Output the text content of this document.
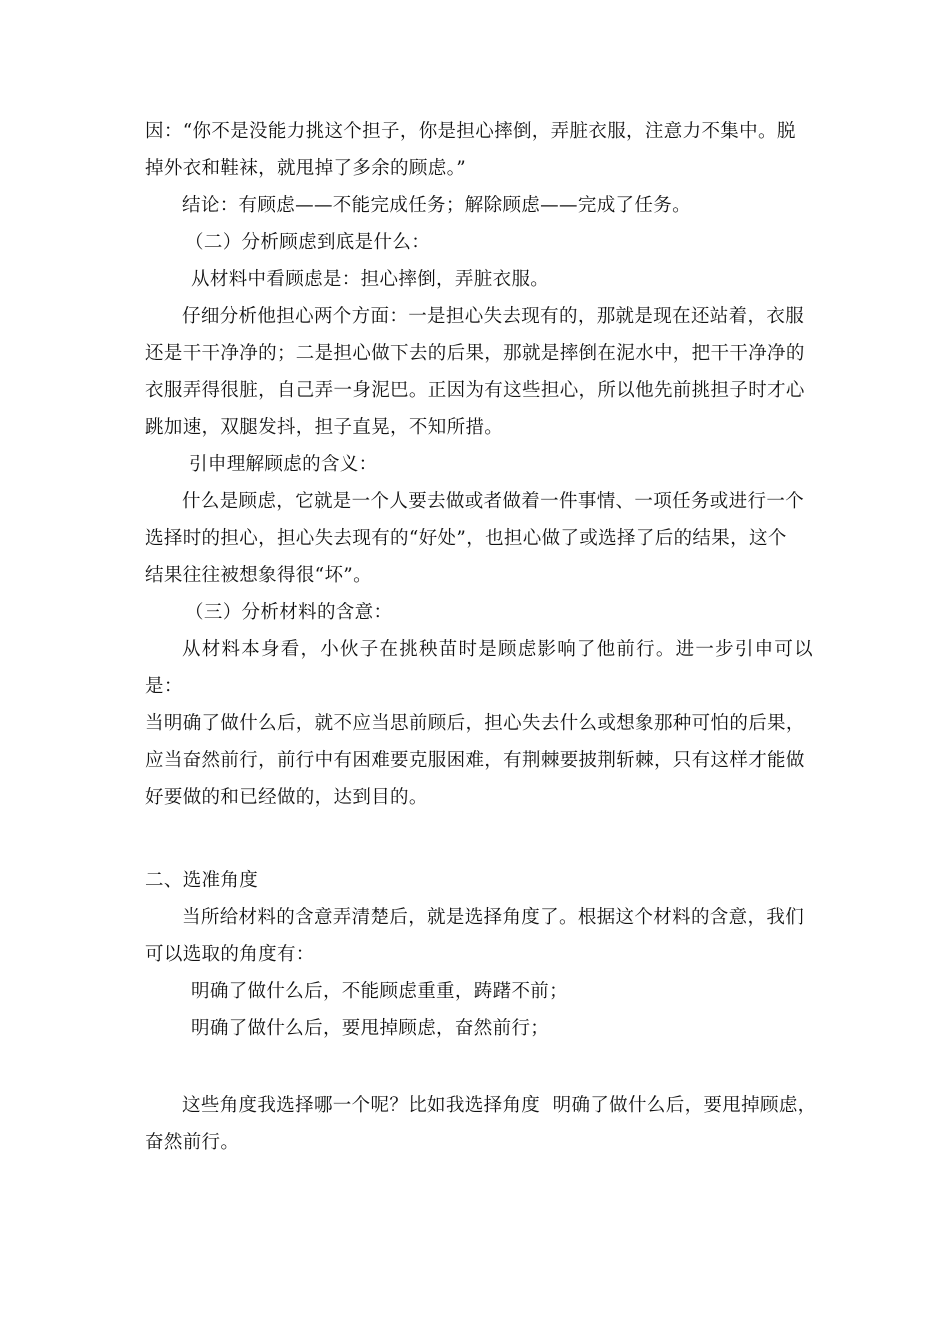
因：“你不是没能力挑这个担子，你是担心摔倒，弄脏衣服，注意力不集中。脱
掉外衣和鞋袜，就甩掉了多余的顾虑。”

结论：有顾虑——不能完成任务；解除顾虑——完成了任务。

（二）分析顾虑到底是什么：

从材料中看顾虑是：担心摔倒，弄脏衣服。

仔细分析他担心两个方面：一是担心失去现有的，那就是现在还站着，衣服
还是干干净净的；二是担心做下去的后果，那就是摔倒在泥水中，把干干净净的
衣服弄得很脏，自己弄一身泥巴。正因为有这些担心，所以他先前挑担子时才心
跳加速，双腿发抖，担子直晃，不知所措。

引申理解顾虑的含义：

什么是顾虑，它就是一个人要去做或者做着一件事情、一项任务或进行一个
选择时的担心，担心失去现有的“好处”，也担心做了或选择了后的结果，这个
结果往往被想象得很“坏”。

（三）分析材料的含意：

从材料本身看，小伙子在挑秧苗时是顾虑影响了他前行。进一步引申可以是：
当明确了做什么后，就不应当思前顾后，担心失去什么或想象那种可怕的后果，
应当奋然前行，前行中有困难要克服困难，有荆棘要披荆斩棘，只有这样才能做
好要做的和已经做的，达到目的。

二、选准角度

当所给材料的含意弄清楚后，就是选择角度了。根据这个材料的含意，我们
可以选取的角度有：

明确了做什么后，不能顾虑重重，踌躇不前；

明确了做什么后，要甩掉顾虑，奋然前行；

这些角度我选择哪一个呢？比如我选择角度  明确了做什么后，要甩掉顾虑，
奋然前行。
